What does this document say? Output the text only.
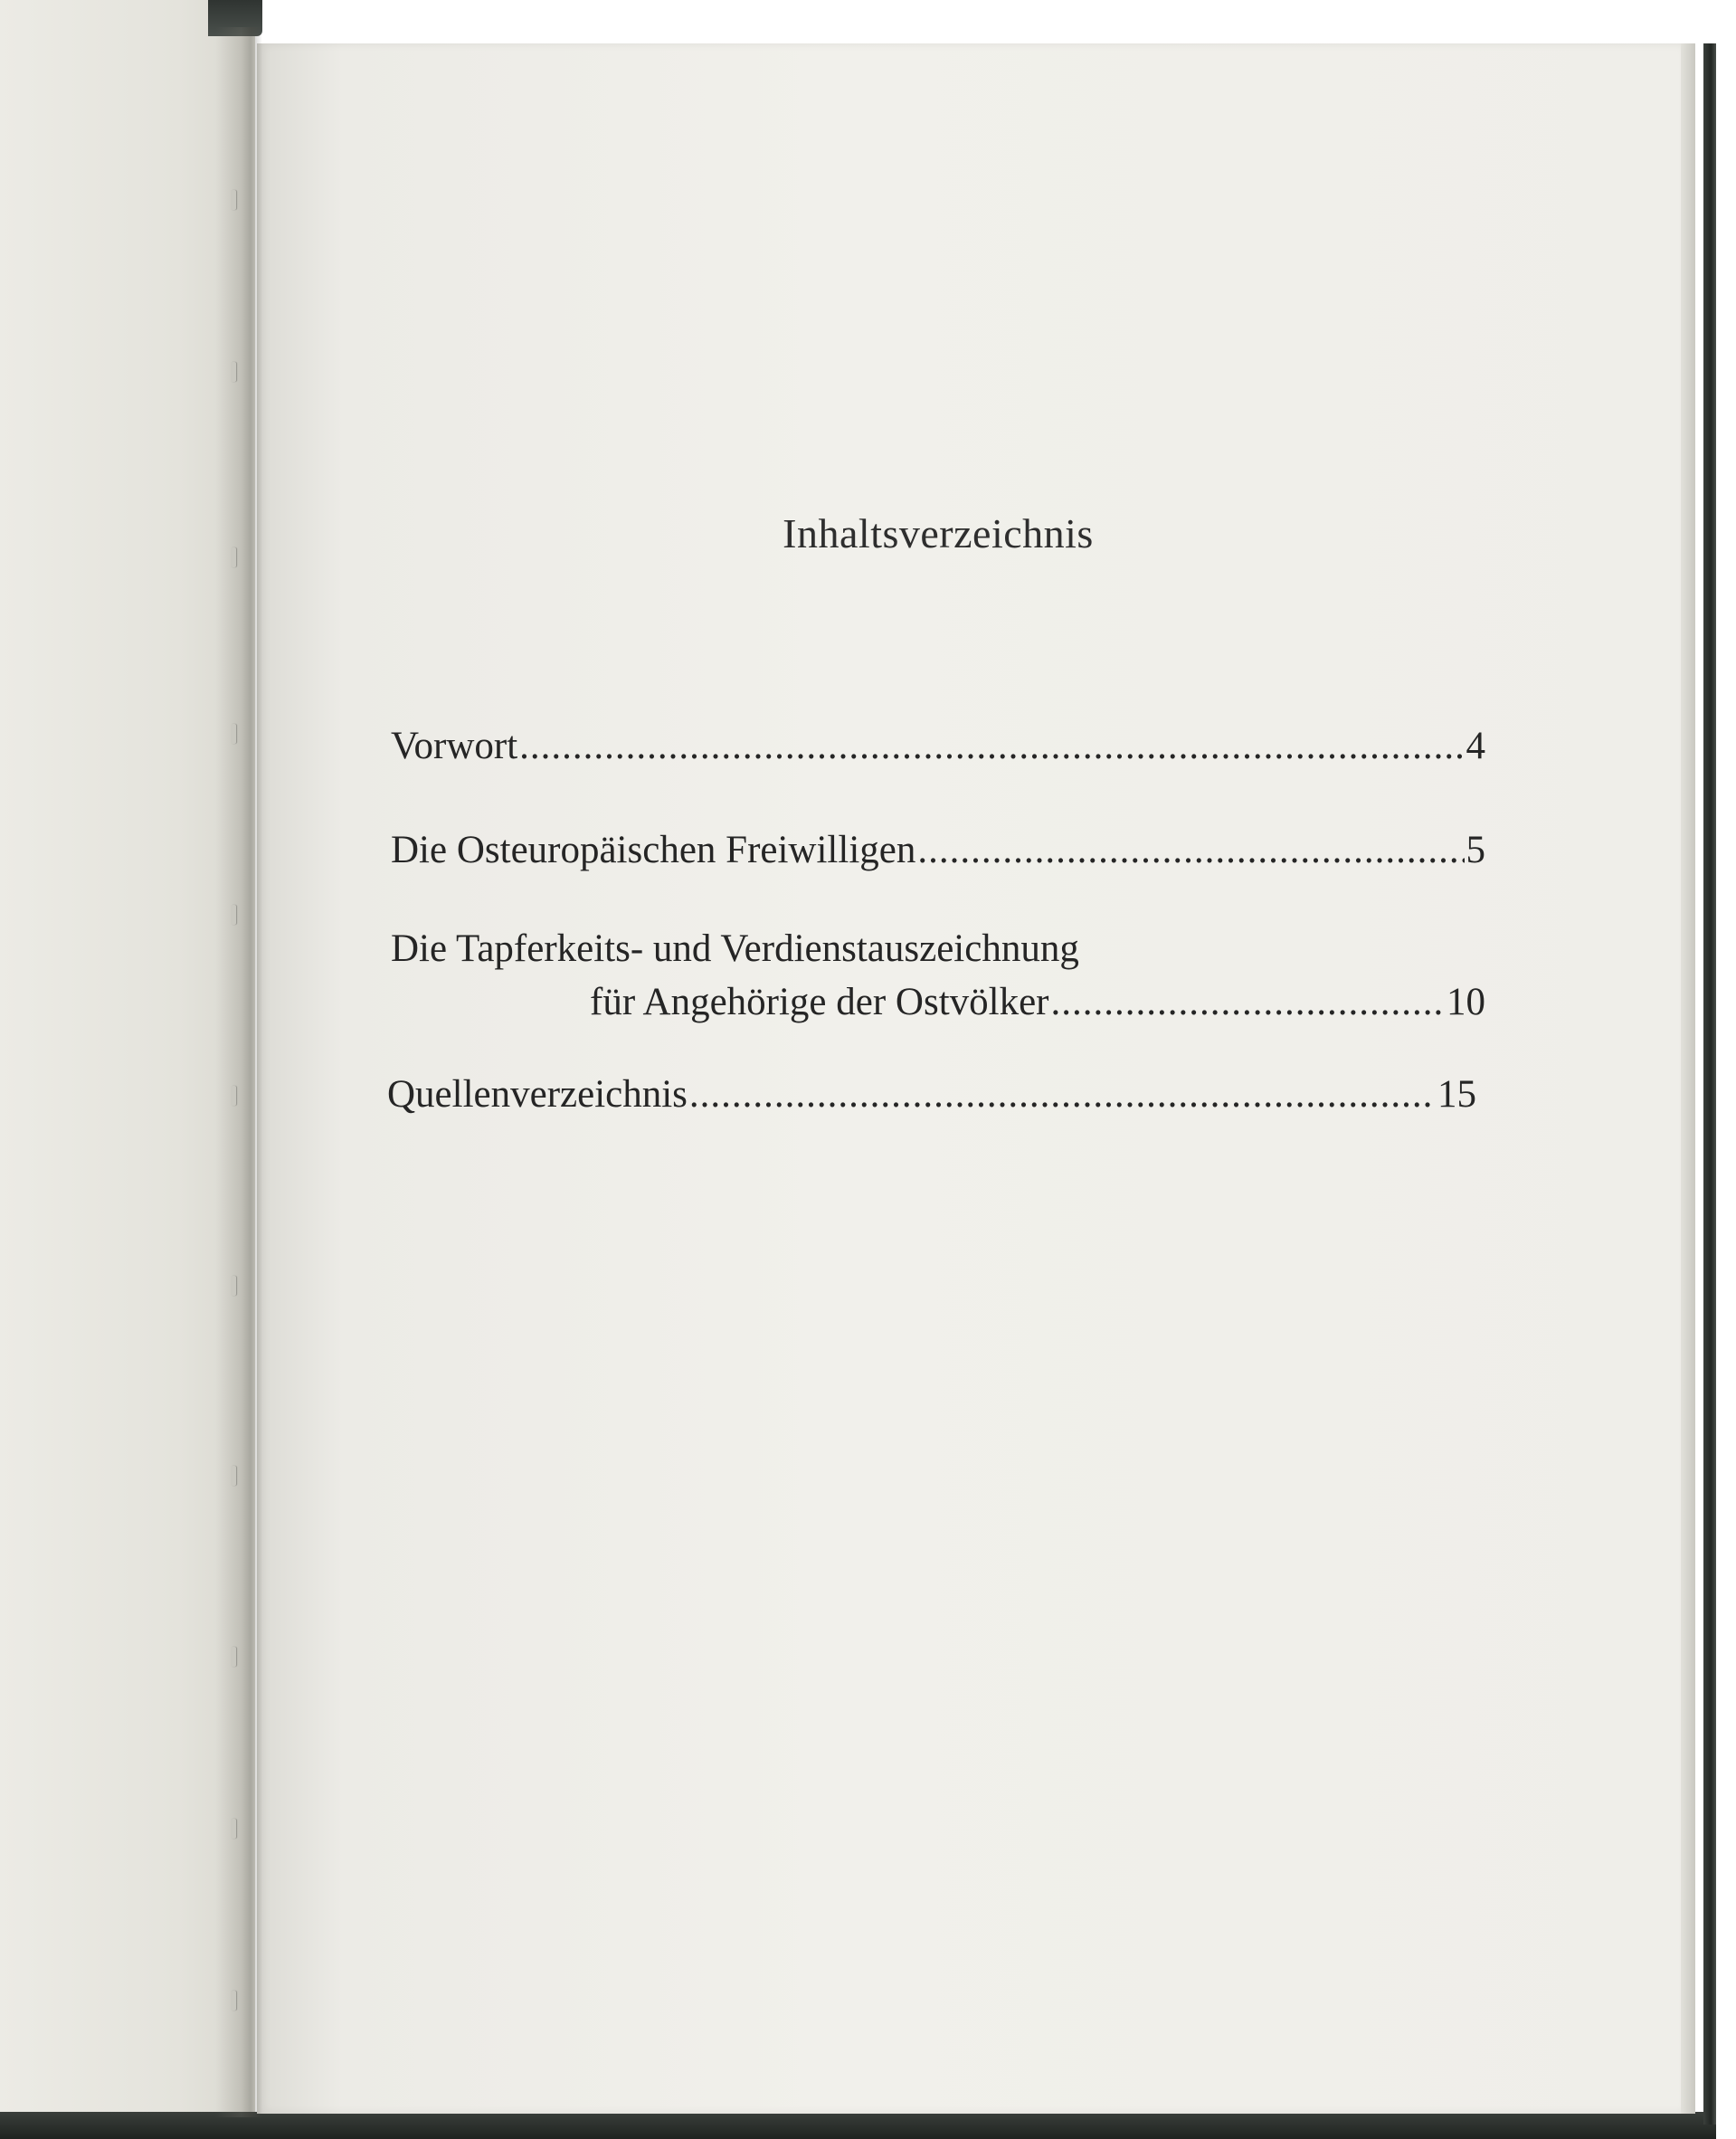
Inhaltsverzeichnis
Vorwort .....	4
Die Osteuropäischen Freiwilligen .....	5
Die Tapferkeits- und Verdienstauszeichnung
für Angehörige der Ostvölker .....	10
Quellenverzeichnis .....	15
